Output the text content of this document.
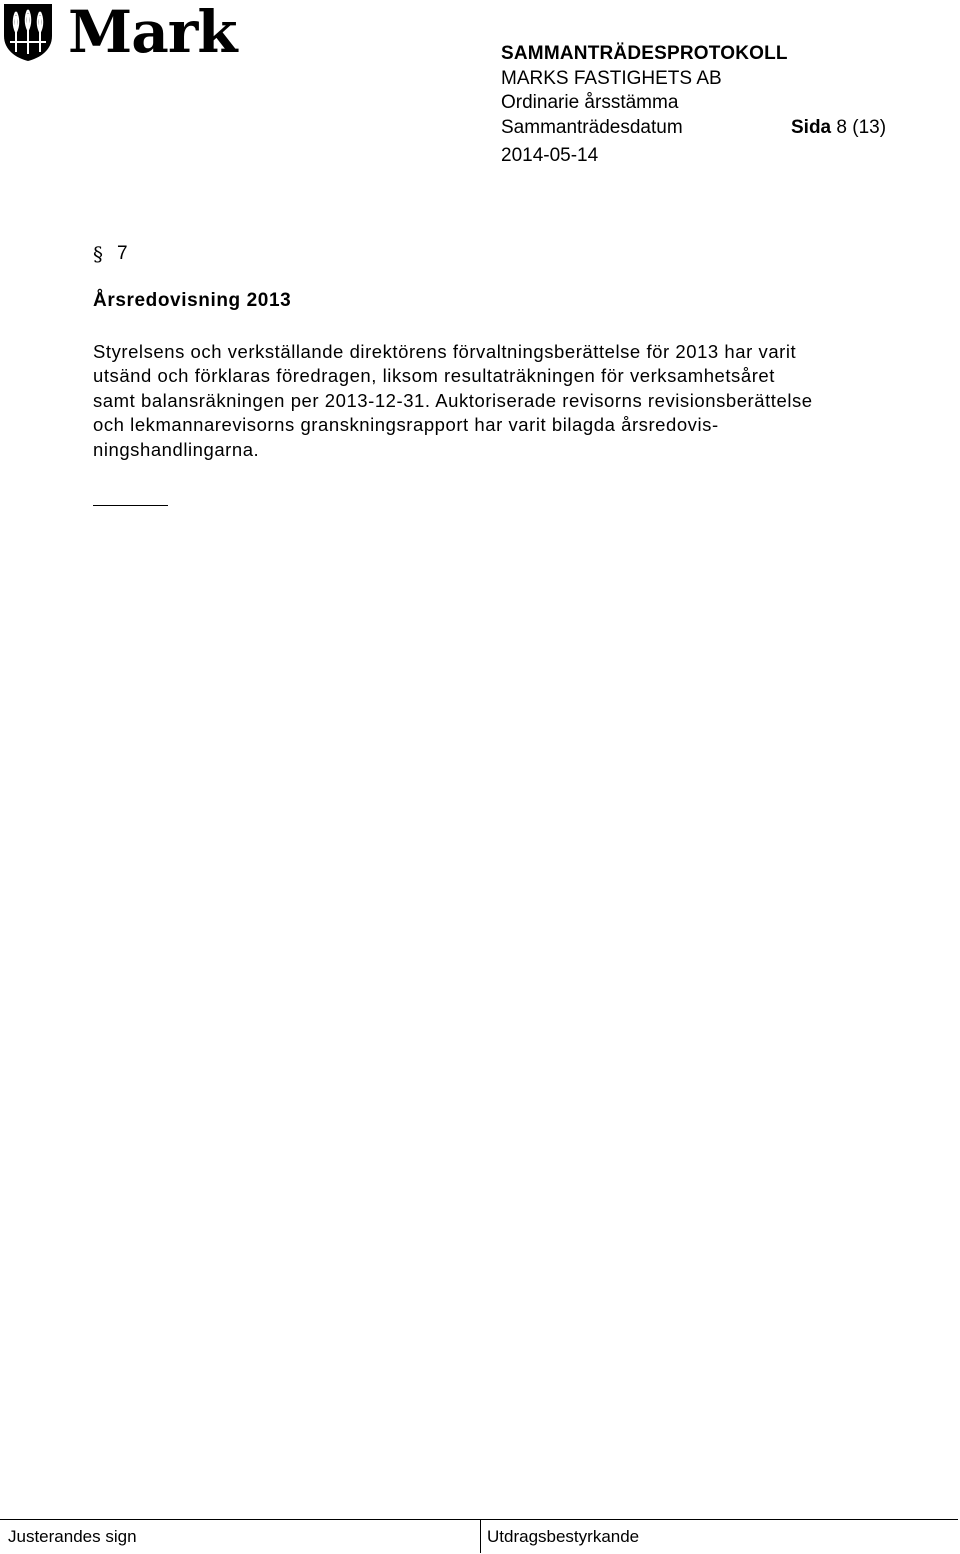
Mark	SAMMANTRÄDESPROTOKOLL
MARKS FASTIGHETS AB
Ordinarie årsstämma
Sammanträdesdatum	Sida 8 (13)
2014-05-14
§ 7
Årsredovisning 2013
Styrelsens och verkställande direktörens förvaltningsberättelse för 2013 har varit
utsänd och förklaras föredragen, liksom resultaträkningen för verksamhetsåret
samt balansräkningen per 2013-12-31. Auktoriserade revisorns revisionsberättelse
och lekmannarevisorns granskningsrapport har varit bilagda årsredovis-
ningshandlingarna.
Justerandes sign	Utdragsbestyrkande
